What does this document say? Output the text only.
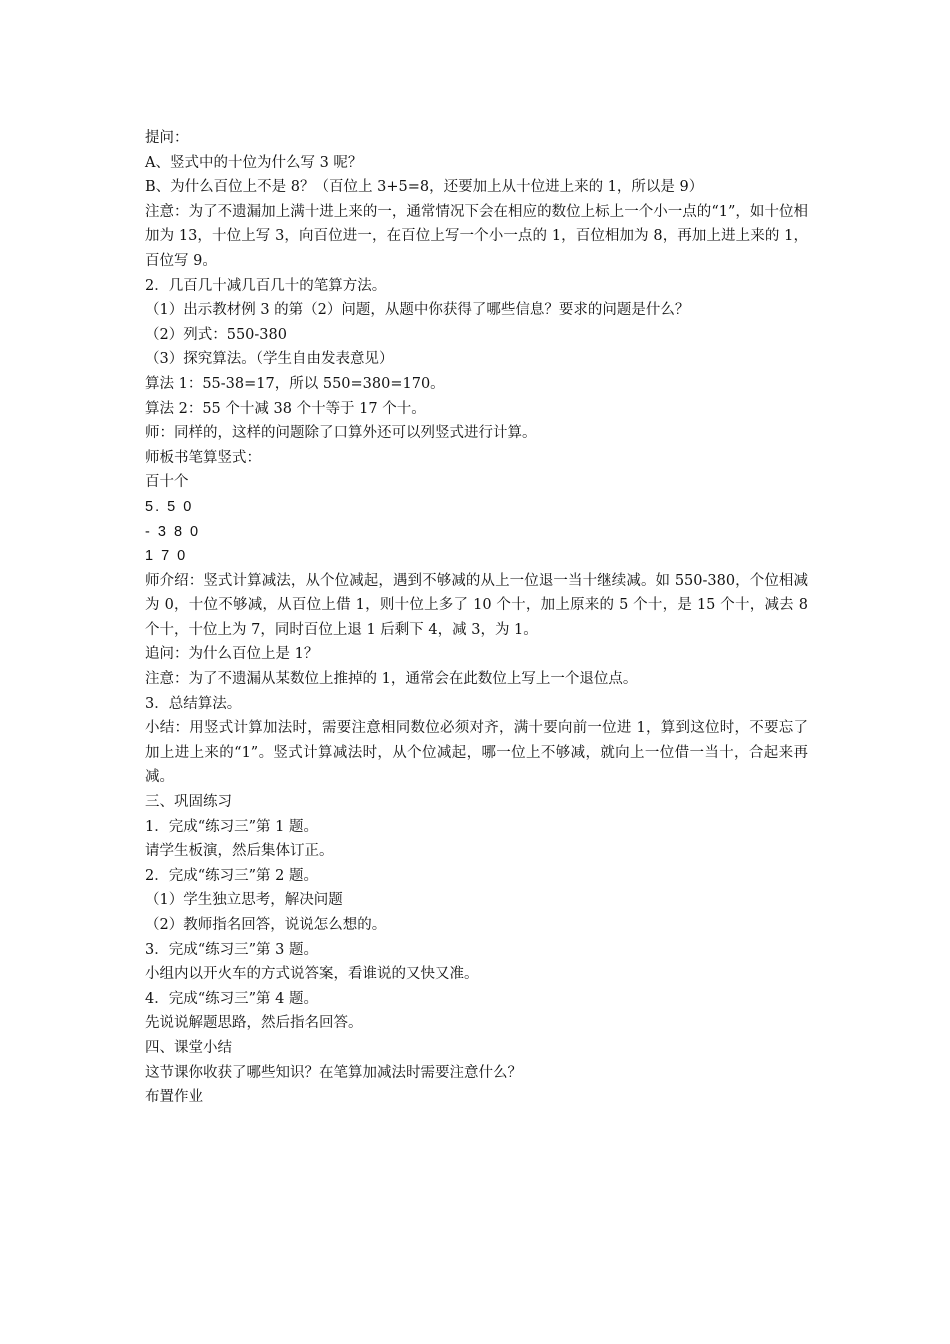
提问：
A、竖式中的十位为什么写 3 呢？
B、为什么百位上不是 8？（百位上 3+5=8，还要加上从十位进上来的 1，所以是 9）
注意：为了不遗漏加上满十进上来的一，通常情况下会在相应的数位上标上一个小一点的“1”，如十位相加为 13，十位上写 3，向百位进一，在百位上写一个小一点的 1，百位相加为 8，再加上进上来的 1，百位写 9。
2．几百几十减几百几十的笔算方法。
（1）出示教材例 3 的第（2）问题，从题中你获得了哪些信息？要求的问题是什么？
（2）列式：550-380
（3）探究算法。（学生自由发表意见）
算法 1：55-38=17，所以 550=380=170。
算法 2：55 个十减 38 个十等于 17 个十。
师：同样的，这样的问题除了口算外还可以列竖式进行计算。
师板书笔算竖式：
百十个
5. 5 0
- 3 8 0
1 7 0
师介绍：竖式计算减法，从个位减起，遇到不够减的从上一位退一当十继续减。如 550-380，个位相减为 0，十位不够减，从百位上借 1，则十位上多了 10 个十，加上原来的 5 个十，是 15 个十，减去 8 个十，十位上为 7，同时百位上退 1 后剩下 4，减 3，为 1。
追问：为什么百位上是 1？
注意：为了不遗漏从某数位上推掉的 1，通常会在此数位上写上一个退位点。
3．总结算法。
小结：用竖式计算加法时，需要注意相同数位必须对齐，满十要向前一位进 1，算到这位时，不要忘了加上进上来的“1”。竖式计算减法时，从个位减起，哪一位上不够减，就向上一位借一当十，合起来再减。
三、巩固练习
1．完成“练习三”第 1 题。
请学生板演，然后集体订正。
2．完成“练习三”第 2 题。
（1）学生独立思考，解决问题
（2）教师指名回答，说说怎么想的。
3．完成“练习三”第 3 题。
小组内以开火车的方式说答案，看谁说的又快又准。
4．完成“练习三”第 4 题。
先说说解题思路，然后指名回答。
四、课堂小结
这节课你收获了哪些知识？在笔算加减法时需要注意什么？
布置作业
